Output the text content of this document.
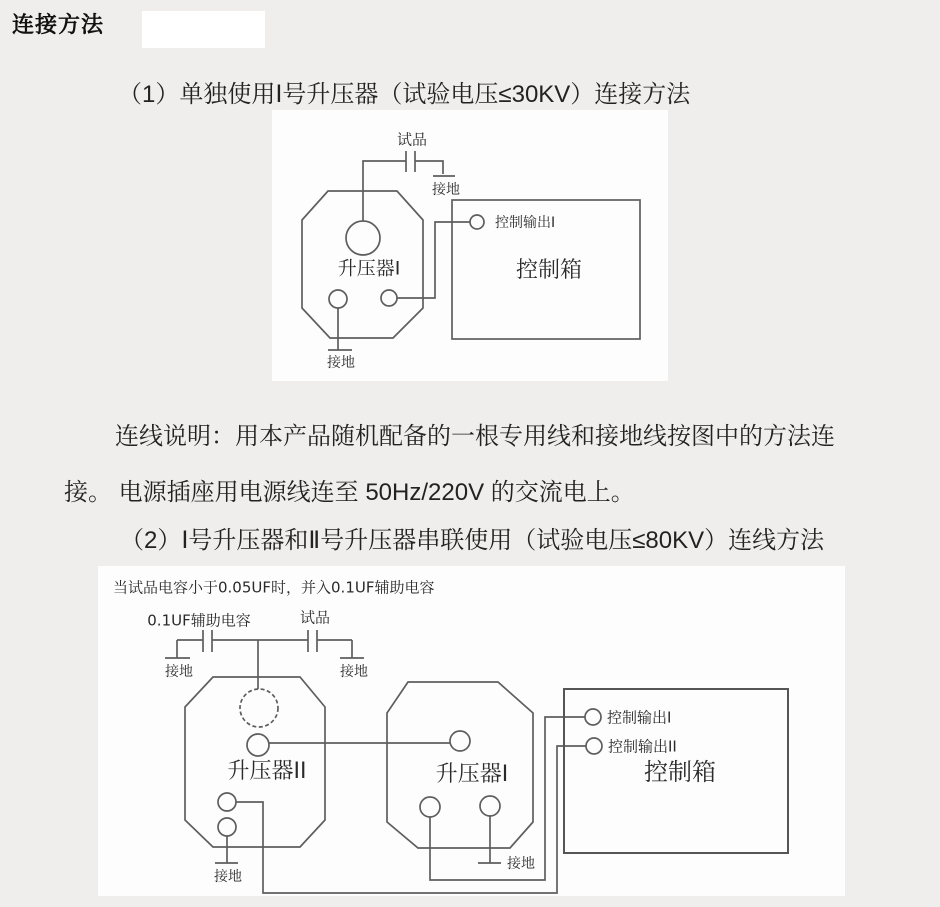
连接方法
（1）单独使用Ⅰ号升压器（试验电压≤30KV）连接方法
试品
接地
升压器I
接地
控制输出I
控制箱
连线说明：用本产品随机配备的一根专用线和接地线按图中的方法连
接。 电源插座用电源线连至 50Hz/220V 的交流电上。
（2）Ⅰ号升压器和Ⅱ号升压器串联使用（试验电压≤80KV）连线方法
当试品电容小于0.05UF时，并入0.1UF辅助电容
0.1UF辅助电容	试品
接地	接地
升压器II
接地
升压器I
接地
控制输出I
控制输出II
控制箱
